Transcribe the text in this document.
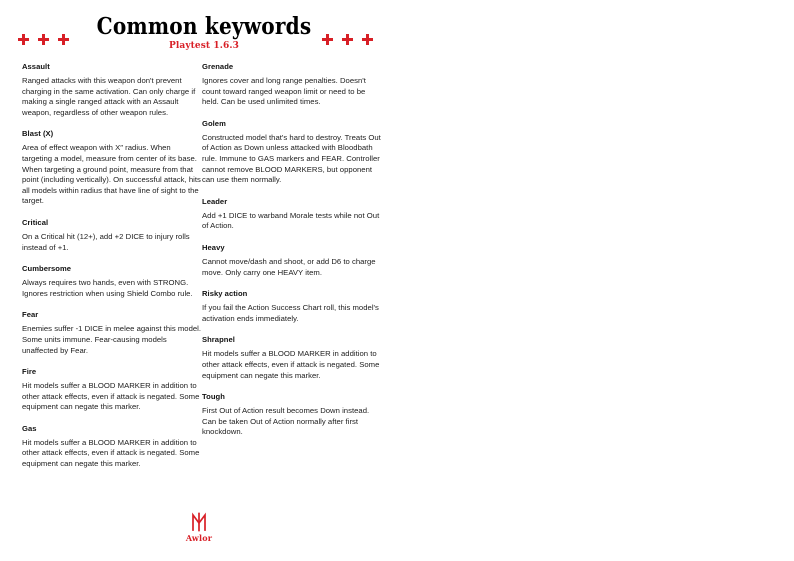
Common keywords

Playtest 1.6.3

Assault

Ranged attacks with this weapon don't prevent charging in the same activation. Can only charge if making a single ranged attack with an Assault weapon, regardless of other weapon rules.

Blast (X)

Area of effect weapon with X″ radius. When targeting a model, measure from center of its base. When targeting a ground point, measure from that point (including vertically). On successful attack, hits all models within radius that have line of sight to the target.

Critical

On a Critical hit (12+), add +2 DICE to injury rolls instead of +1.

Cumbersome

Always requires two hands, even with STRONG. Ignores restriction when using Shield Combo rule.

Fear

Enemies suffer -1 DICE in melee against this model. Some units immune. Fear-causing models unaffected by Fear.

Fire

Hit models suffer a BLOOD MARKER in addition to other attack effects, even if attack is negated. Some equipment can negate this marker.

Gas

Hit models suffer a BLOOD MARKER in addition to other attack effects, even if attack is negated. Some equipment can negate this marker.

Grenade

Ignores cover and long range penalties. Doesn't count toward ranged weapon limit or need to be held. Can be used unlimited times.

Golem

Constructed model that's hard to destroy. Treats Out of Action as Down unless attacked with Bloodbath rule. Immune to GAS markers and FEAR. Controller cannot remove BLOOD MARKERS, but opponent can use them normally.

Leader

Add +1 DICE to warband Morale tests while not Out of Action.

Heavy

Cannot move/dash and shoot, or add D6 to charge move. Only carry one HEAVY item.

Risky action

If you fail the Action Success Chart roll, this model's activation ends immediately.

Shrapnel

Hit models suffer a BLOOD MARKER in addition to other attack effects, even if attack is negated. Some equipment can negate this marker.

Tough

First Out of Action result becomes Down instead. Can be taken Out of Action normally after first knockdown.

Awlor
